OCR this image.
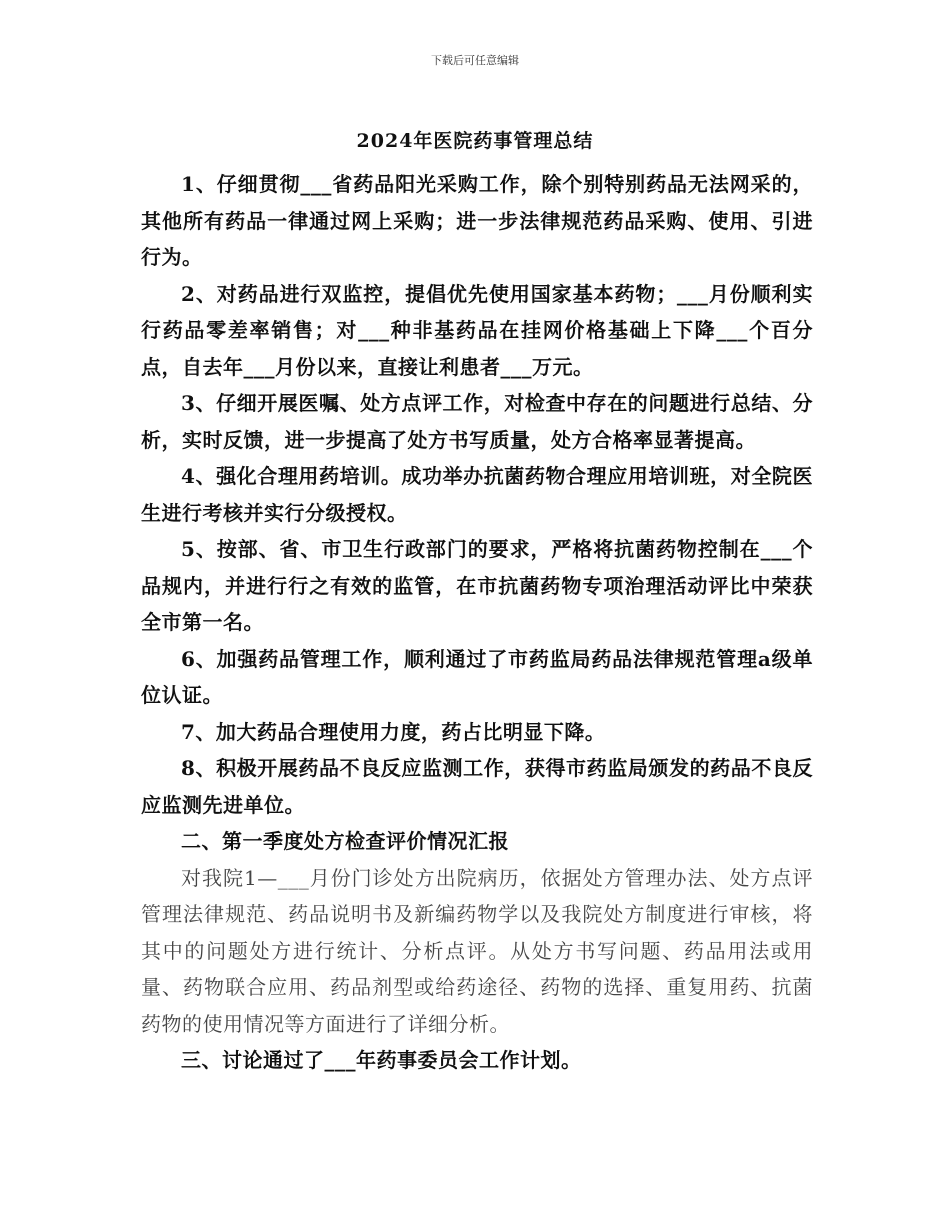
下载后可任意编辑
2024年医院药事管理总结

1、仔细贯彻___省药品阳光采购工作，除个别特别药品无法网采的，其他所有药品一律通过网上采购；进一步法律规范药品采购、使用、引进行为。

2、对药品进行双监控，提倡优先使用国家基本药物；___月份顺利实行药品零差率销售；对___种非基药品在挂网价格基础上下降___个百分点，自去年___月份以来，直接让利患者___万元。

3、仔细开展医嘱、处方点评工作，对检查中存在的问题进行总结、分析，实时反馈，进一步提高了处方书写质量，处方合格率显著提高。

4、强化合理用药培训。成功举办抗菌药物合理应用培训班，对全院医生进行考核并实行分级授权。

5、按部、省、市卫生行政部门的要求，严格将抗菌药物控制在___个品规内，并进行行之有效的监管，在市抗菌药物专项治理活动评比中荣获全市第一名。

6、加强药品管理工作，顺利通过了市药监局药品法律规范管理a级单位认证。

7、加大药品合理使用力度，药占比明显下降。

8、积极开展药品不良反应监测工作，获得市药监局颁发的药品不良反应监测先进单位。

二、第一季度处方检查评价情况汇报

对我院1—___月份门诊处方出院病历，依据处方管理办法、处方点评管理法律规范、药品说明书及新编药物学以及我院处方制度进行审核，将其中的问题处方进行统计、分析点评。从处方书写问题、药品用法或用量、药物联合应用、药品剂型或给药途径、药物的选择、重复用药、抗菌药物的使用情况等方面进行了详细分析。

三、讨论通过了___年药事委员会工作计划。
